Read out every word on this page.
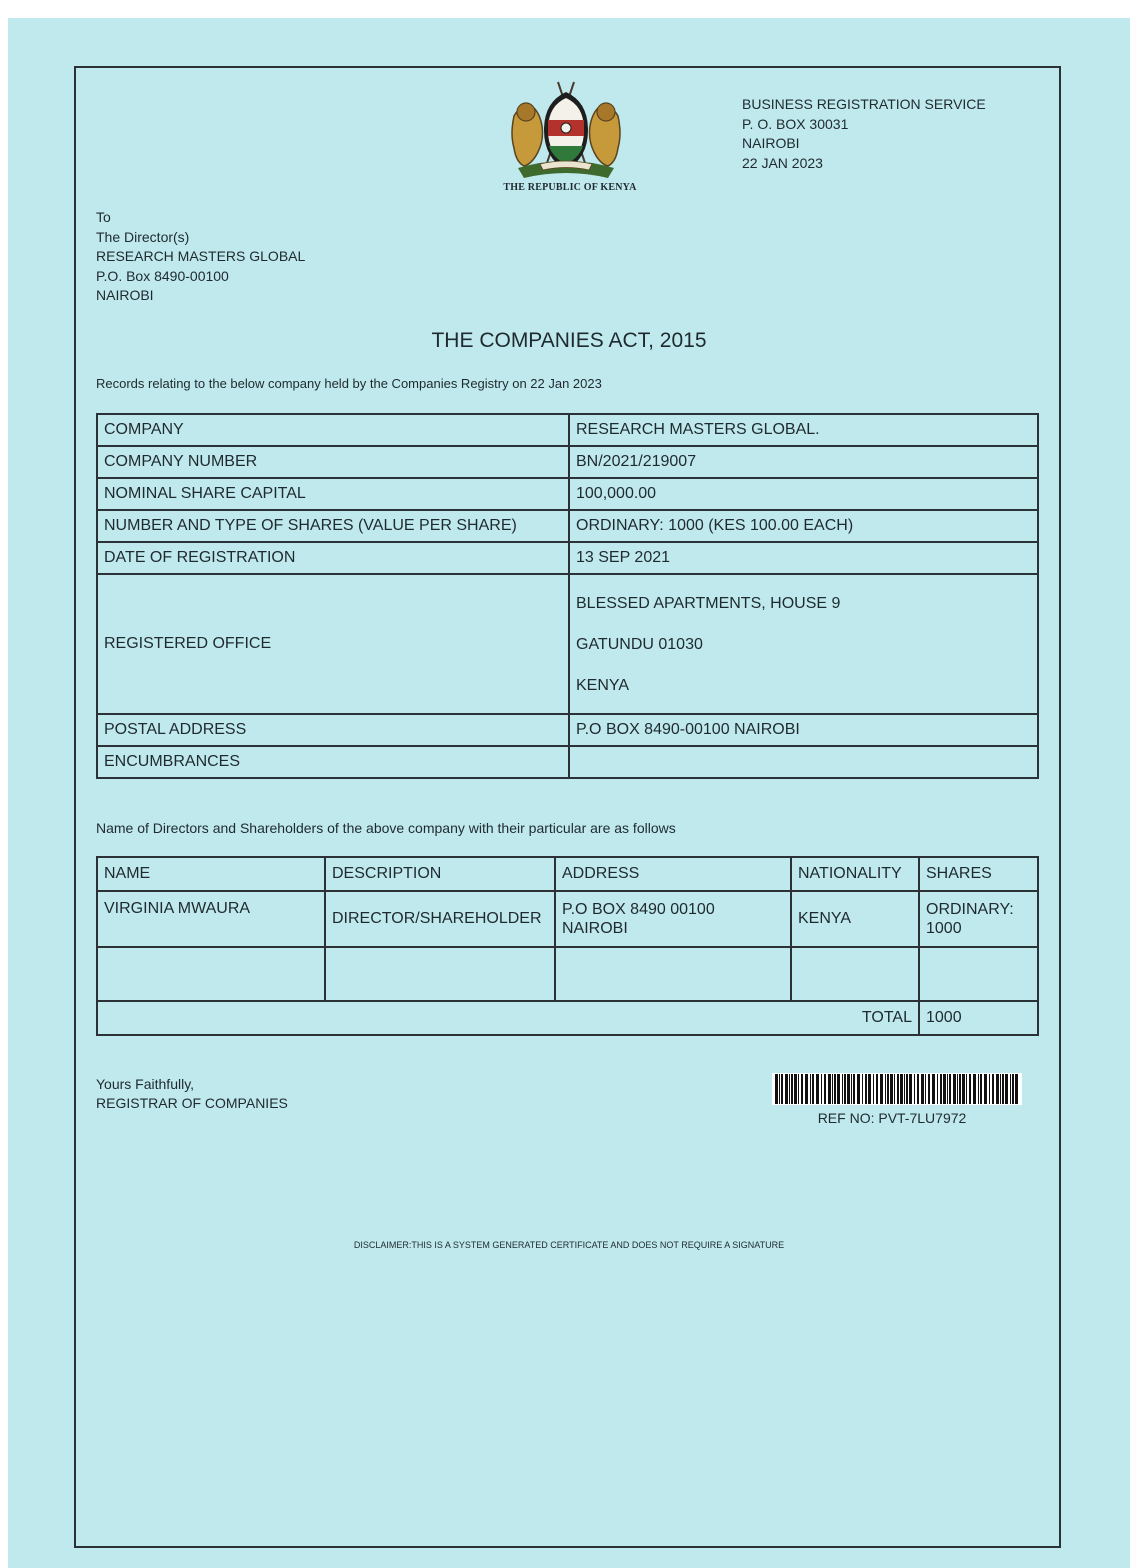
THE REPUBLIC OF KENYA
BUSINESS REGISTRATION SERVICE
P. O. BOX 30031
NAIROBI
22 JAN 2023
To
The Director(s)
RESEARCH MASTERS GLOBAL
P.O. Box 8490-00100
NAIROBI
THE COMPANIES ACT, 2015
Records relating to the below company held by the Companies Registry on 22 Jan 2023
COMPANY	RESEARCH MASTERS GLOBAL.
COMPANY NUMBER	BN/2021/219007
NOMINAL SHARE CAPITAL	100,000.00
NUMBER AND TYPE OF SHARES (VALUE PER SHARE)	ORDINARY: 1000 (KES 100.00 EACH)
DATE OF REGISTRATION	13 SEP 2021
REGISTERED OFFICE	BLESSED APARTMENTS, HOUSE 9
GATUNDU 01030
KENYA

POSTAL ADDRESS	P.O BOX 8490-00100 NAIROBI
ENCUMBRANCES	
Name of Directors and Shareholders of the above company with their particular are as follows
NAME	DESCRIPTION	ADDRESS	NATIONALITY	SHARES
VIRGINIA MWAURA	DIRECTOR/SHAREHOLDER	P.O BOX 8490 00100 NAIROBI	KENYA	ORDINARY: 1000

TOTAL				1000
Yours Faithfully,
REGISTRAR OF COMPANIES
REF NO: PVT-7LU7972
DISCLAIMER:THIS IS A SYSTEM GENERATED CERTIFICATE AND DOES NOT REQUIRE A SIGNATURE
